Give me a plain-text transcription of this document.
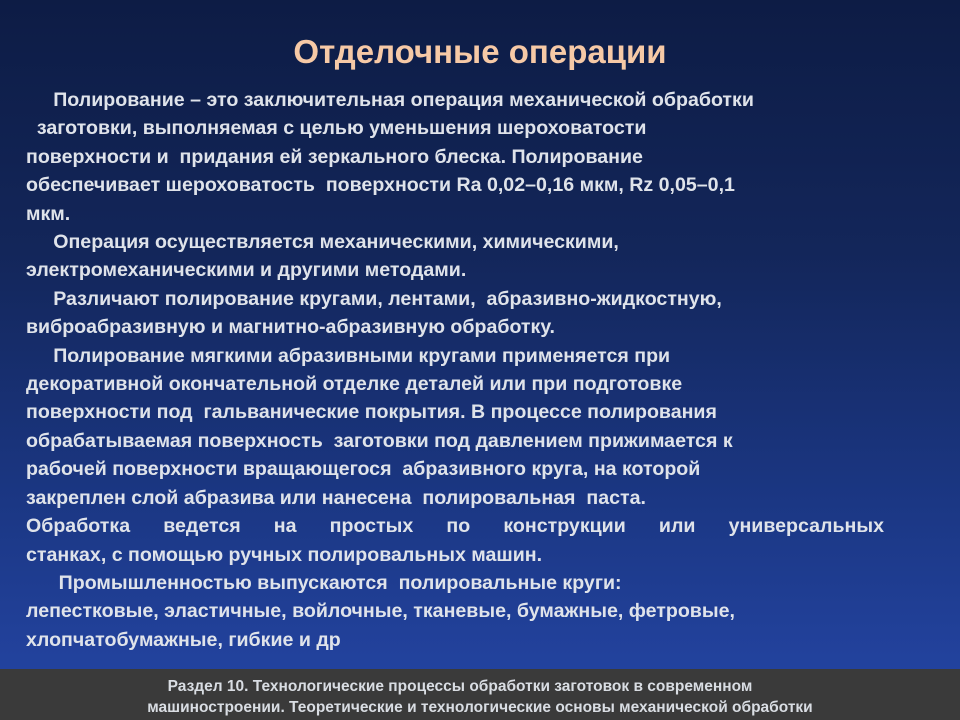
Отделочные операции
Полирование – это заключительная операция механической обработки
заготовки, выполняемая с целью уменьшения шероховатости
поверхности и  придания ей зеркального блеска. Полирование
обеспечивает шероховатость  поверхности Ra 0,02–0,16 мкм, Rz 0,05–0,1
мкм.
Операция осуществляется механическими, химическими,
электромеханическими и другими методами.
Различают полирование кругами, лентами,  абразивно-жидкостную,
виброабразивную и магнитно-абразивную обработку.
Полирование мягкими абразивными кругами применяется при
декоративной окончательной отделке деталей или при подготовке
поверхности под  гальванические покрытия. В процессе полирования
обрабатываемая поверхность  заготовки под давлением прижимается к
рабочей поверхности вращающегося  абразивного круга, на которой
закреплен слой абразива или нанесена  полировальная  паста.
Обработка ведется на простых по конструкции или универсальных
станках, с помощью ручных полировальных машин.
Промышленностью выпускаются  полировальные круги:
лепестковые, эластичные, войлочные, тканевые, бумажные, фетровые,
хлопчатобумажные, гибкие и др
Раздел 10. Технологические процессы обработки заготовок в современном
машиностроении. Теоретические и технологические основы механической обработки
